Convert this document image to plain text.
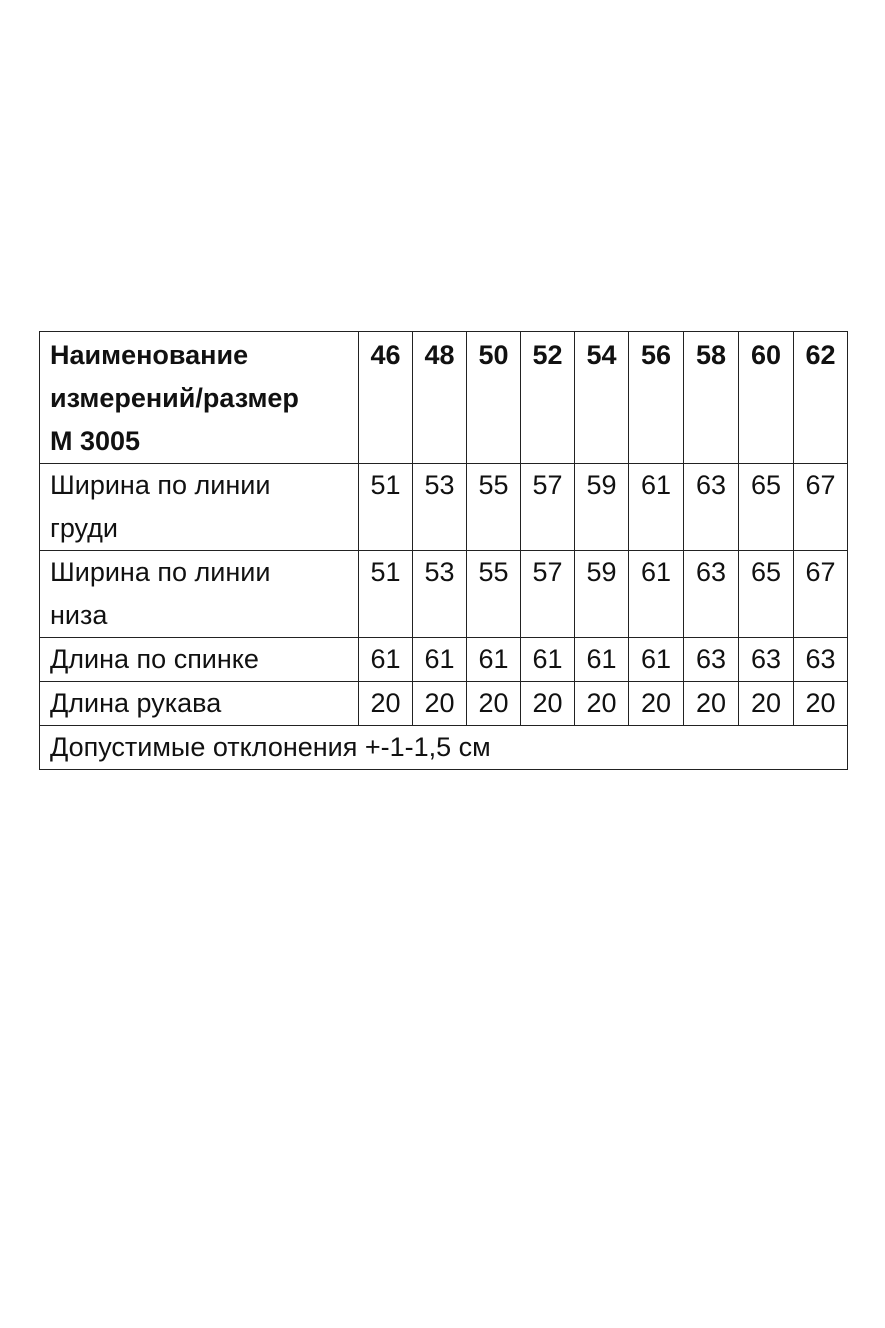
Наименование
измерений/размер
М 3005	46	48	50	52	54	56	58	60	62

Ширина по линии
груди	51	53	55	57	59	61	63	65	67

Ширина по линии
низа	51	53	55	57	59	61	63	65	67

Длина по спинке	61	61	61	61	61	61	63	63	63

Длина рукава	20	20	20	20	20	20	20	20	20
Допустимые отклонения +-1-1,5 см									
